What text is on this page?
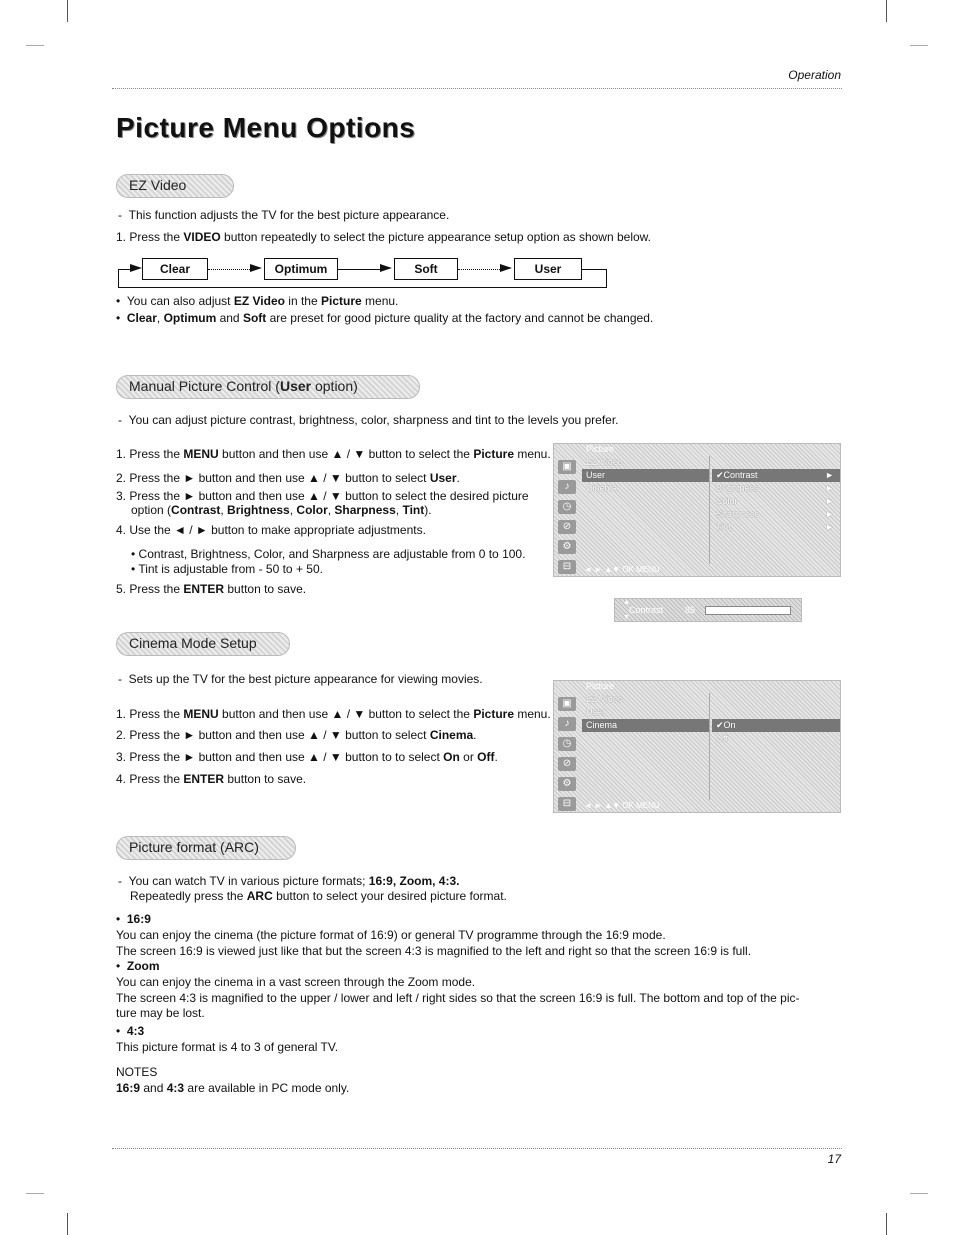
Operation
Picture Menu Options
EZ Video
-  This function adjusts the TV for the best picture appearance.
1. Press the VIDEO button repeatedly to select the picture appearance setup option as shown below.
Clear	Optimum	Soft	User
•  You can also adjust EZ Video in the Picture menu.
•  Clear, Optimum and Soft are preset for good picture quality at the factory and cannot be changed.
Manual Picture Control (User option)
-  You can adjust picture contrast, brightness, color, sharpness and tint to the levels you prefer.
1. Press the MENU button and then use ▲ / ▼ button to select the Picture menu.
2. Press the ► button and then use ▲ / ▼ button to select User.
3. Press the ► button and then use ▲ / ▼ button to select the desired picture
option (Contrast, Brightness, Color, Sharpness, Tint).
4. Use the ◄ / ► button to make appropriate adjustments.
• Contrast, Brightness, Color, and Sharpness are adjustable from 0 to 100.
• Tint is adjustable from - 50 to + 50.
5. Press the ENTER button to save.
Picture
▣
♪
◷
⊘
⚙
⊟
EZ Video
User
Cinema
✔Contrast	►
Brightness	►
Color	►
Sharpness	►
Tint	►
◄ ► ▲▼ OK MENU
▲
Contrast 85
▼
Cinema Mode Setup
-  Sets up the TV for the best picture appearance for viewing movies.
1. Press the MENU button and then use ▲ / ▼ button to select the Picture menu.
2. Press the ► button and then use ▲ / ▼ button to select Cinema.
3. Press the ► button and then use ▲ / ▼ button to to select On or Off.
4. Press the ENTER button to save.
Picture
▣
♪
◷
⊘
⚙
⊟
EZ Video
User
Cinema	✔On
Off
◄ ► ▲▼ OK MENU
Picture format (ARC)
-  You can watch TV in various picture formats; 16:9, Zoom, 4:3.
Repeatedly press the ARC button to select your desired picture format.
•  16:9
You can enjoy the cinema (the picture format of 16:9) or general TV programme through the 16:9 mode.
The screen 16:9 is viewed just like that but the screen 4:3 is magnified to the left and right so that the screen 16:9 is full.
•  Zoom
You can enjoy the cinema in a vast screen through the Zoom mode.
The screen 4:3 is magnified to the upper / lower and left / right sides so that the screen 16:9 is full. The bottom and top of the pic-
ture may be lost.
•  4:3
This picture format is 4 to 3 of general TV.
NOTES
16:9 and 4:3 are available in PC mode only.
17
